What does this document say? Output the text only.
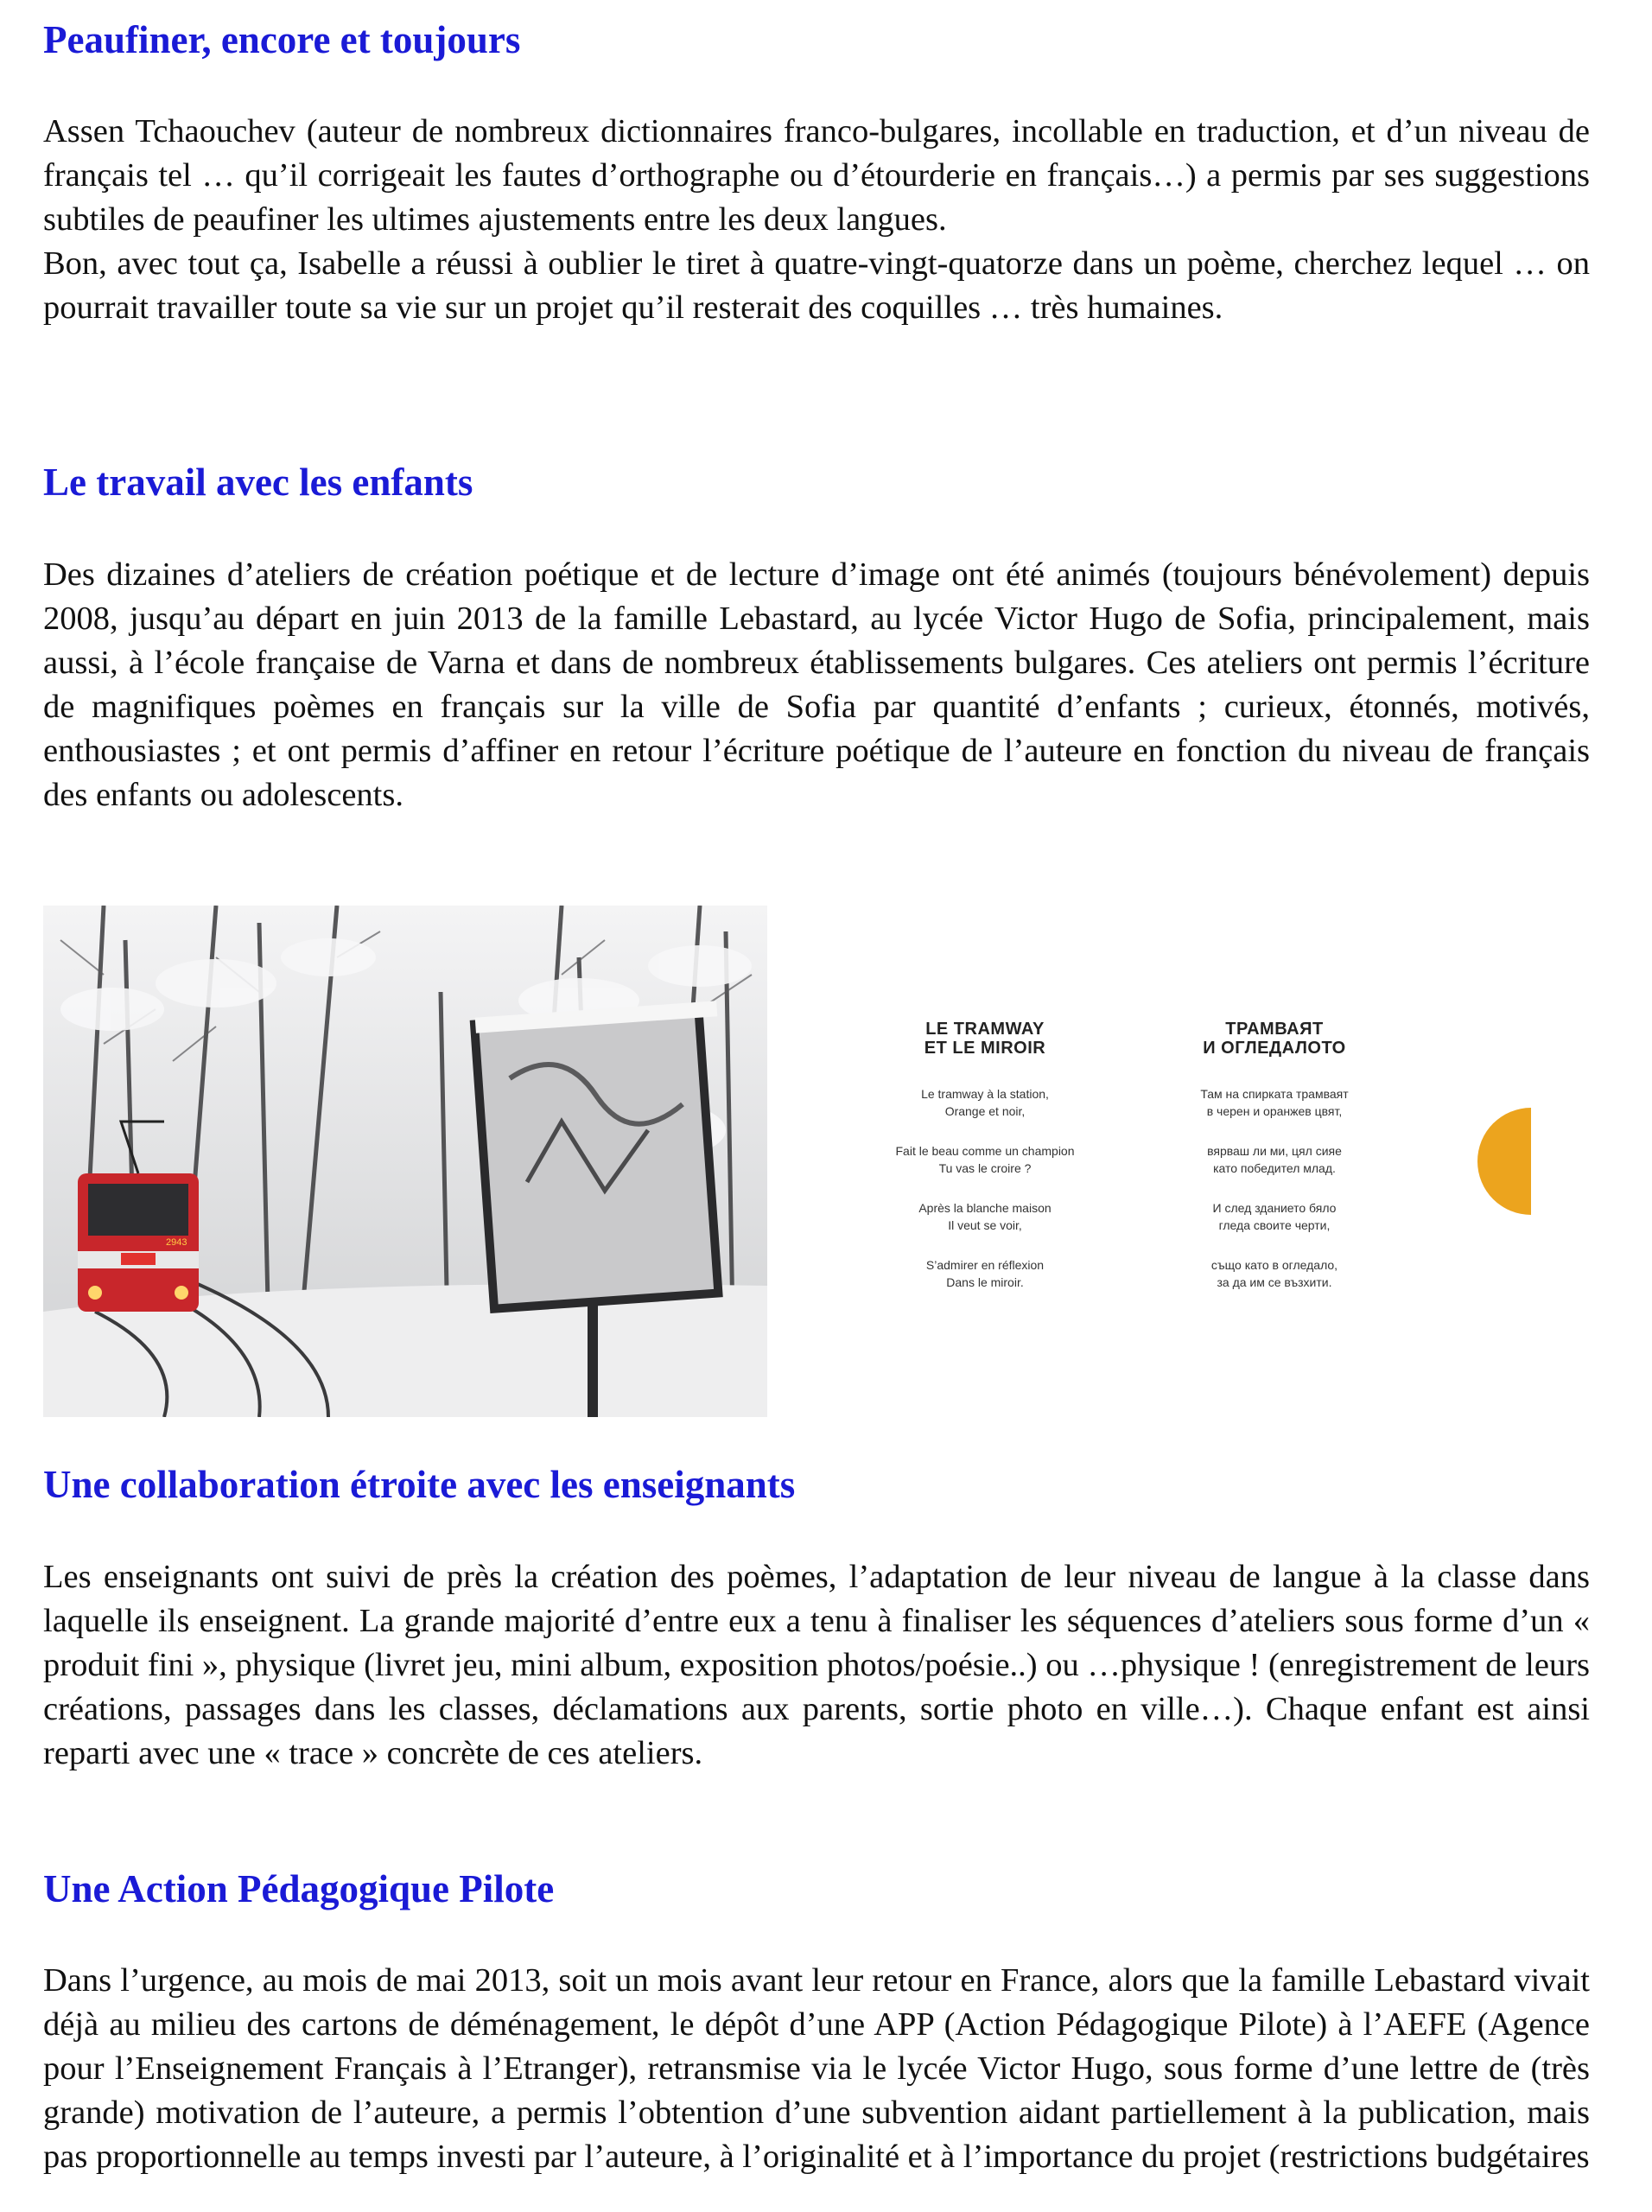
Peaufiner, encore et toujours

Assen Tchaouchev (auteur de nombreux dictionnaires franco-bulgares, incollable en traduction, et d’un niveau de français tel … qu’il corrigeait les fautes d’orthographe ou d’étourderie en français…) a permis par ses suggestions subtiles de peaufiner les ultimes ajustements entre les deux langues.

Bon, avec tout ça, Isabelle a réussi à oublier le tiret à quatre-vingt-quatorze dans un poème, cherchez lequel … on pourrait travailler toute sa vie sur un projet qu’il resterait des coquilles … très humaines.

Le travail avec les enfants

Des dizaines d’ateliers de création poétique et de lecture d’image ont été animés (toujours bénévolement) depuis 2008, jusqu’au départ en juin 2013 de la famille Lebastard, au lycée Victor Hugo de Sofia, principalement, mais aussi, à l’école française de Varna et dans de nombreux établissements bulgares. Ces ateliers ont permis l’écriture de magnifiques poèmes en français sur la ville de Sofia par quantité d’enfants ; curieux, étonnés, motivés, enthousiastes ; et ont permis d’affiner en retour l’écriture poétique de l’auteure en fonction du niveau de français des enfants ou adolescents.

2943
LE TRAMWAY
ET LE MIROIR
Le tramway à la station,
Orange et noir,
Fait le beau comme un champion
Tu vas le croire ?
Après la blanche maison
Il veut se voir,
S’admirer en réflexion
Dans le miroir.
ТРАМВАЯТ
И ОГЛЕДАЛОТО
Там на спирката трамваят
в черен и оранжев цвят,
вярваш ли ми, цял сияе
като победител млад.
И след зданието бяло
гледа своите черти,
също като в огледало,
за да им се възхити.
21
Une collaboration étroite avec les enseignants

Les enseignants ont suivi de près la création des poèmes, l’adaptation de leur niveau de langue à la classe dans laquelle ils enseignent. La grande majorité d’entre eux a tenu à finaliser les séquences d’ateliers sous forme d’un « produit fini », physique (livret jeu, mini album, exposition photos/poésie..) ou …physique ! (enregistrement de leurs créations, passages dans les classes, déclamations aux parents, sortie photo en ville…). Chaque enfant est ainsi reparti avec une « trace » concrète de ces ateliers.

Une Action Pédagogique Pilote

Dans l’urgence, au mois de mai 2013, soit un mois avant leur retour en France, alors que la famille Lebastard vivait déjà au milieu des cartons de déménagement, le dépôt d’une APP (Action Pédagogique Pilote) à l’AEFE (Agence pour l’Enseignement Français à l’Etranger), retransmise via le lycée Victor Hugo, sous forme d’une lettre de (très grande) motivation de l’auteure, a permis l’obtention d’une subvention aidant partiellement à la publication, mais pas proportionnelle au temps investi par l’auteure, à l’originalité et à l’importance du projet (restrictions budgétaires
